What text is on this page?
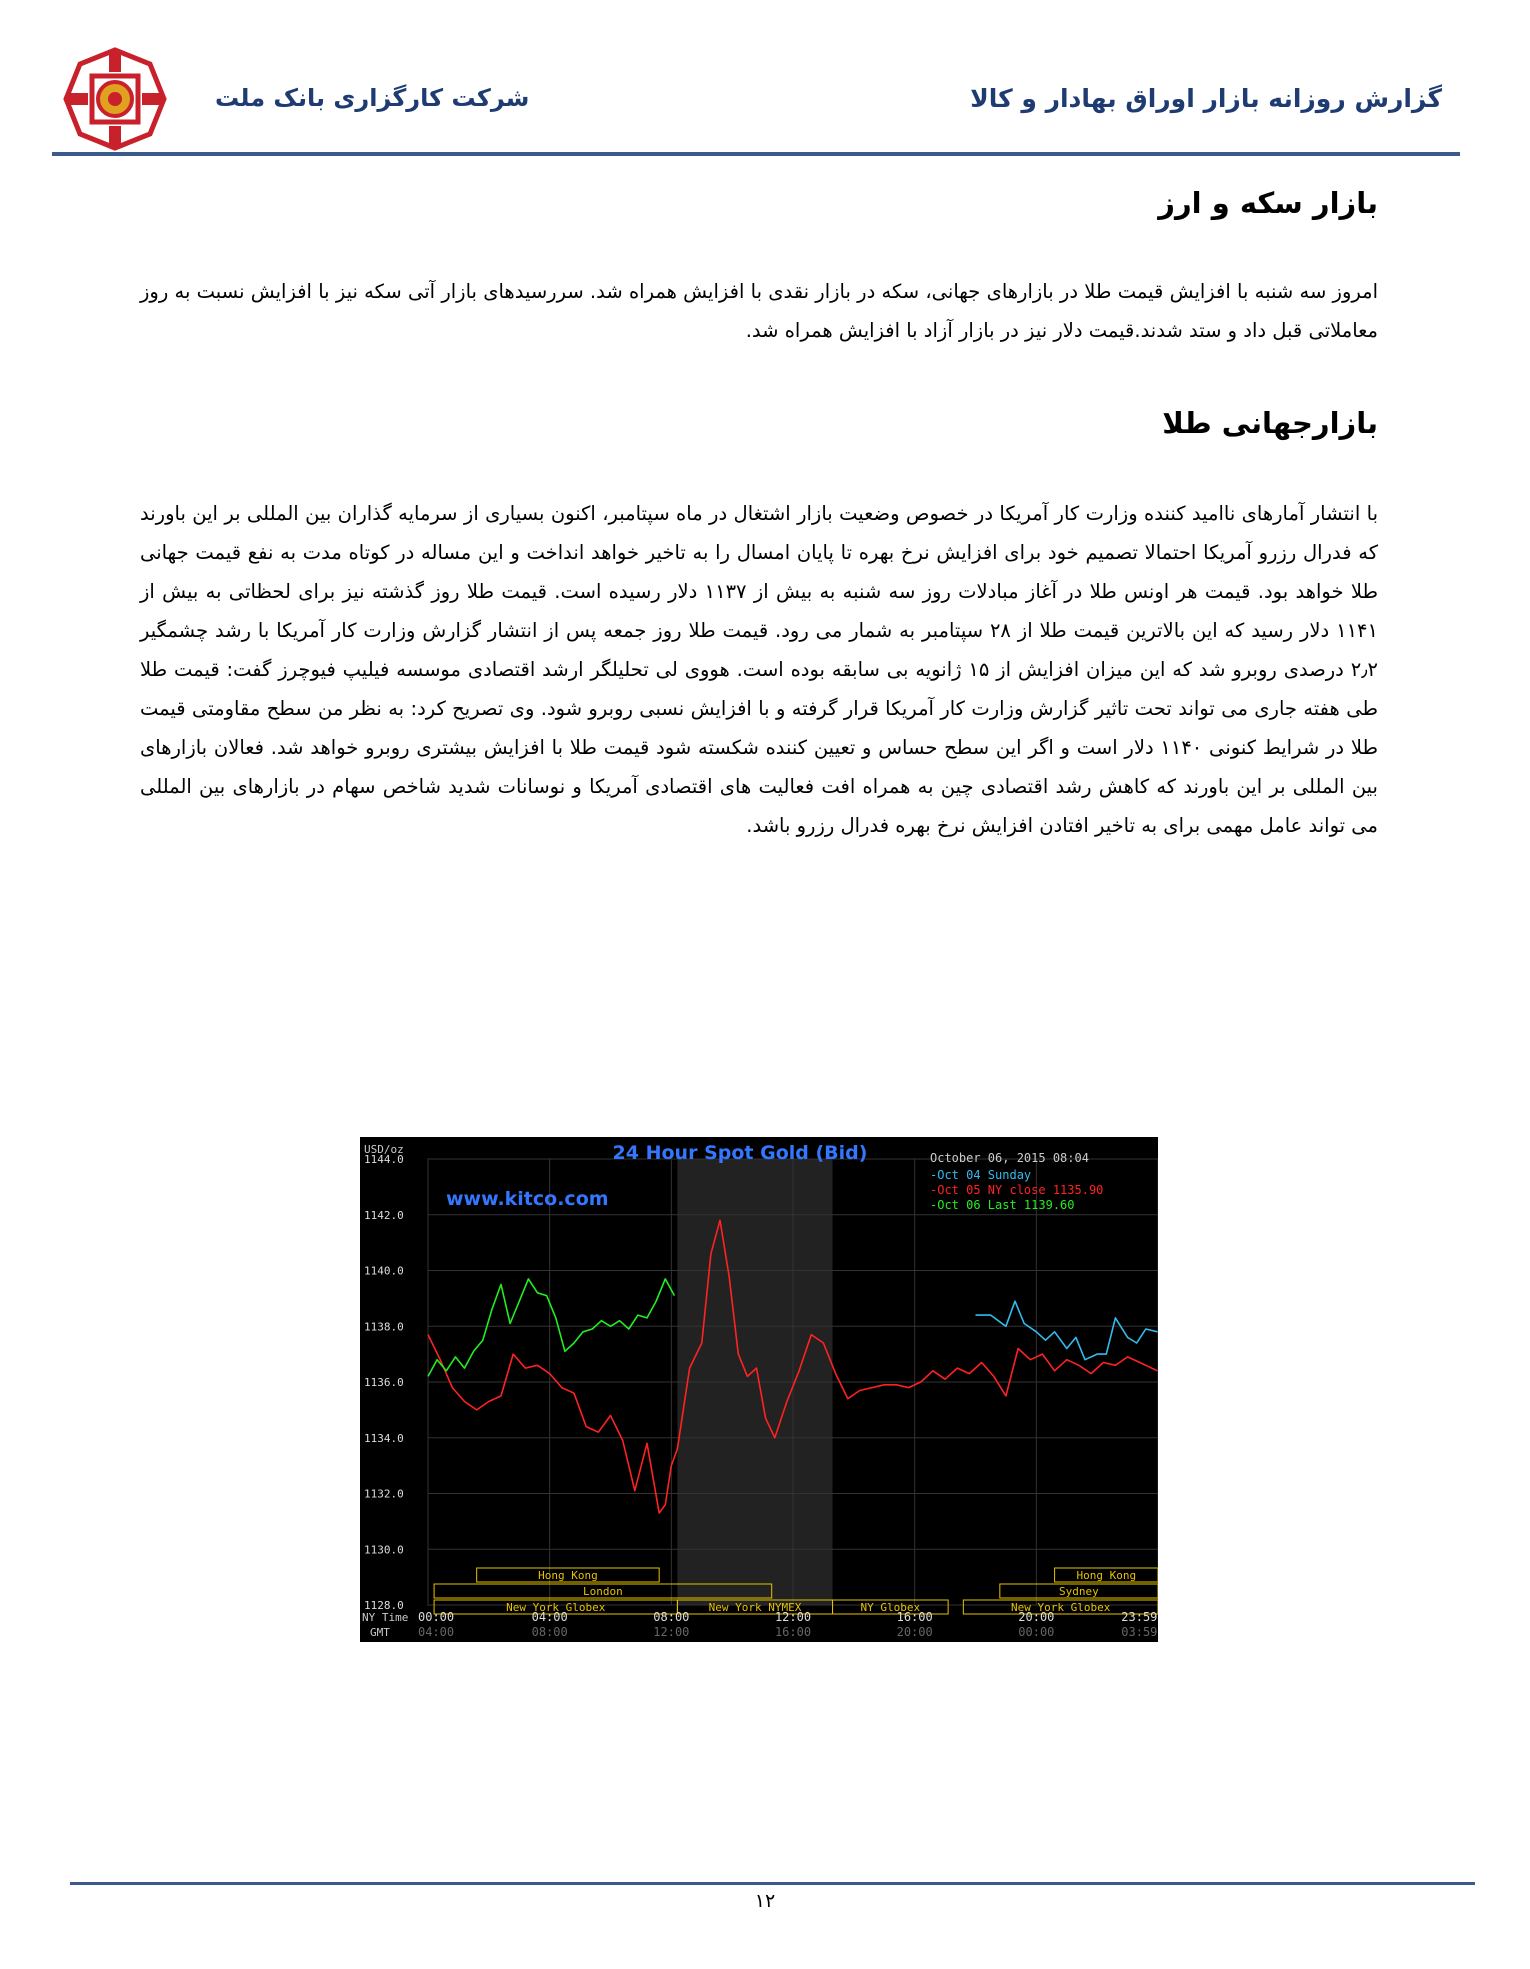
شرکت کارگزاری بانک ملت	گزارش روزانه بازار اوراق بهادار و کالا
بازار سکه و ارز
امروز سه شنبه با افزایش قیمت طلا در بازارهای جهانی، سکه در بازار نقدی با افزایش همراه شد. سررسیدهای بازار آتی سکه نیز با افزایش نسبت به روز معاملاتی قبل داد و ستد شدند.قیمت دلار نیز در بازار آزاد با افزایش همراه شد.
بازارجهانی طلا
با انتشار آمارهای ناامید کننده وزارت کار آمریکا در خصوص وضعیت بازار اشتغال در ماه سپتامبر، اکنون بسیاری از سرمایه گذاران بین المللی بر این باورند که فدرال رزرو آمریکا احتمالا تصمیم خود برای افزایش نرخ بهره تا پایان امسال را به تاخیر خواهد انداخت و این مساله در کوتاه مدت به نفع قیمت جهانی طلا خواهد بود. قیمت هر اونس طلا در آغاز مبادلات روز سه شنبه به بیش از ۱۱۳۷ دلار رسیده است. قیمت طلا روز گذشته نیز برای لحظاتی به بیش از ۱۱۴۱ دلار رسید که این بالاترین قیمت طلا از ۲۸ سپتامبر به شمار می رود. قیمت طلا روز جمعه پس از انتشار گزارش وزارت کار آمریکا با رشد چشمگیر ۲٫۲ درصدی روبرو شد که این میزان افزایش از ۱۵ ژانویه بی سابقه بوده است. هووی لی تحلیلگر ارشد اقتصادی موسسه فیلیپ فیوچرز گفت: قیمت طلا طی هفته جاری می تواند تحت تاثیر گزارش وزارت کار آمریکا قرار گرفته و با افزایش نسبی روبرو شود. وی تصریح کرد: به نظر من سطح مقاومتی قیمت طلا در شرایط کنونی ۱۱۴۰ دلار است و اگر این سطح حساس و تعیین کننده شکسته شود قیمت طلا با افزایش بیشتری روبرو خواهد شد. فعالان بازارهای بین المللی بر این باورند که کاهش رشد اقتصادی چین به همراه افت فعالیت های اقتصادی آمریکا و نوسانات شدید شاخص سهام در بازارهای بین المللی می تواند عامل مهمی برای به تاخیر افتادن افزایش نرخ بهره فدرال رزرو باشد.
Hong Kong	Hong Kong
London	Sydney
New York Globex	New York NYMEX	NY Globex	New York Globex
1144.0
1142.0
1140.0
1138.0
1136.0
1134.0
1132.0
1130.0
1128.0
00:00	04:00	08:00	12:00	16:00	20:00	23:59
04:00	08:00	12:00	16:00	20:00	00:00	03:59
USD/oz	24 Hour Spot Gold (Bid)	October 06, 2015 08:04
www.kitco.com
-Oct 04 Sunday
-Oct 05 NY close 1135.90
-Oct 06 Last 1139.60
NY Time
GMT
۱۲
